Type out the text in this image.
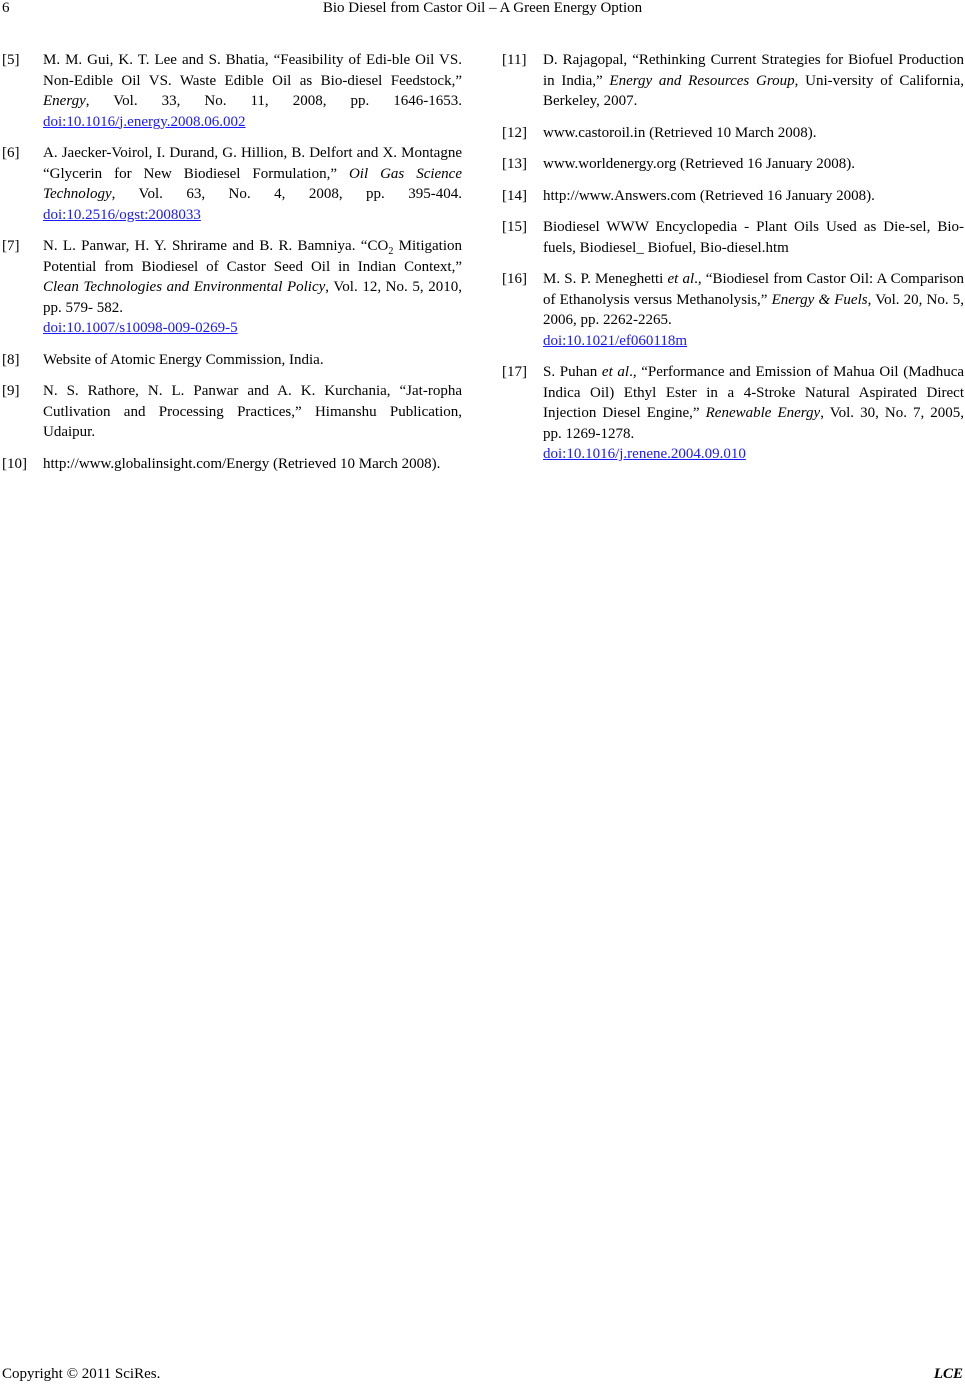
6	Bio Diesel from Castor Oil – A Green Energy Option
[5] M. M. Gui, K. T. Lee and S. Bhatia, “Feasibility of Edi-ble Oil VS. Non-Edible Oil VS. Waste Edible Oil as Bio-diesel Feedstock,” Energy, Vol. 33, No. 11, 2008, pp. 1646-1653. doi:10.1016/j.energy.2008.06.002
[6] A. Jaecker-Voirol, I. Durand, G. Hillion, B. Delfort and X. Montagne “Glycerin for New Biodiesel Formulation,” Oil Gas Science Technology, Vol. 63, No. 4, 2008, pp. 395-404. doi:10.2516/ogst:2008033
[7] N. L. Panwar, H. Y. Shrirame and B. R. Bamniya. “$CO_2$ Mitigation Potential from Biodiesel of Castor Seed Oil in Indian Context,” Clean Technologies and Environmental Policy, Vol. 12, No. 5, 2010, pp. 579- 582.
doi:10.1007/s10098-009-0269-5
[8] Website of Atomic Energy Commission, India.
[9] N. S. Rathore, N. L. Panwar and A. K. Kurchania, “Jat-ropha Cutlivation and Processing Practices,” Himanshu Publication, Udaipur.
[10] http://www.globalinsight.com/Energy (Retrieved 10 March 2008).
[11] D. Rajagopal, “Rethinking Current Strategies for Biofuel Production in India,” Energy and Resources Group, Uni-versity of California, Berkeley, 2007.
[12] www.castoroil.in (Retrieved 10 March 2008).
[13] www.worldenergy.org (Retrieved 16 January 2008).
[14] http://www.Answers.com (Retrieved 16 January 2008).
[15] Biodiesel WWW Encyclopedia - Plant Oils Used as Die-sel, Bio-fuels, Biodiesel_ Biofuel, Bio-diesel.htm
[16] M. S. P. Meneghetti et al., “Biodiesel from Castor Oil: A Comparison of Ethanolysis versus Methanolysis,” Energy & Fuels, Vol. 20, No. 5, 2006, pp. 2262-2265.
doi:10.1021/ef060118m
[17] S. Puhan et al., “Performance and Emission of Mahua Oil (Madhuca Indica Oil) Ethyl Ester in a 4-Stroke Natural Aspirated Direct Injection Diesel Engine,” Renewable Energy, Vol. 30, No. 7, 2005, pp. 1269-1278.
doi:10.1016/j.renene.2004.09.010
Copyright © 2011 SciRes.	LCE
